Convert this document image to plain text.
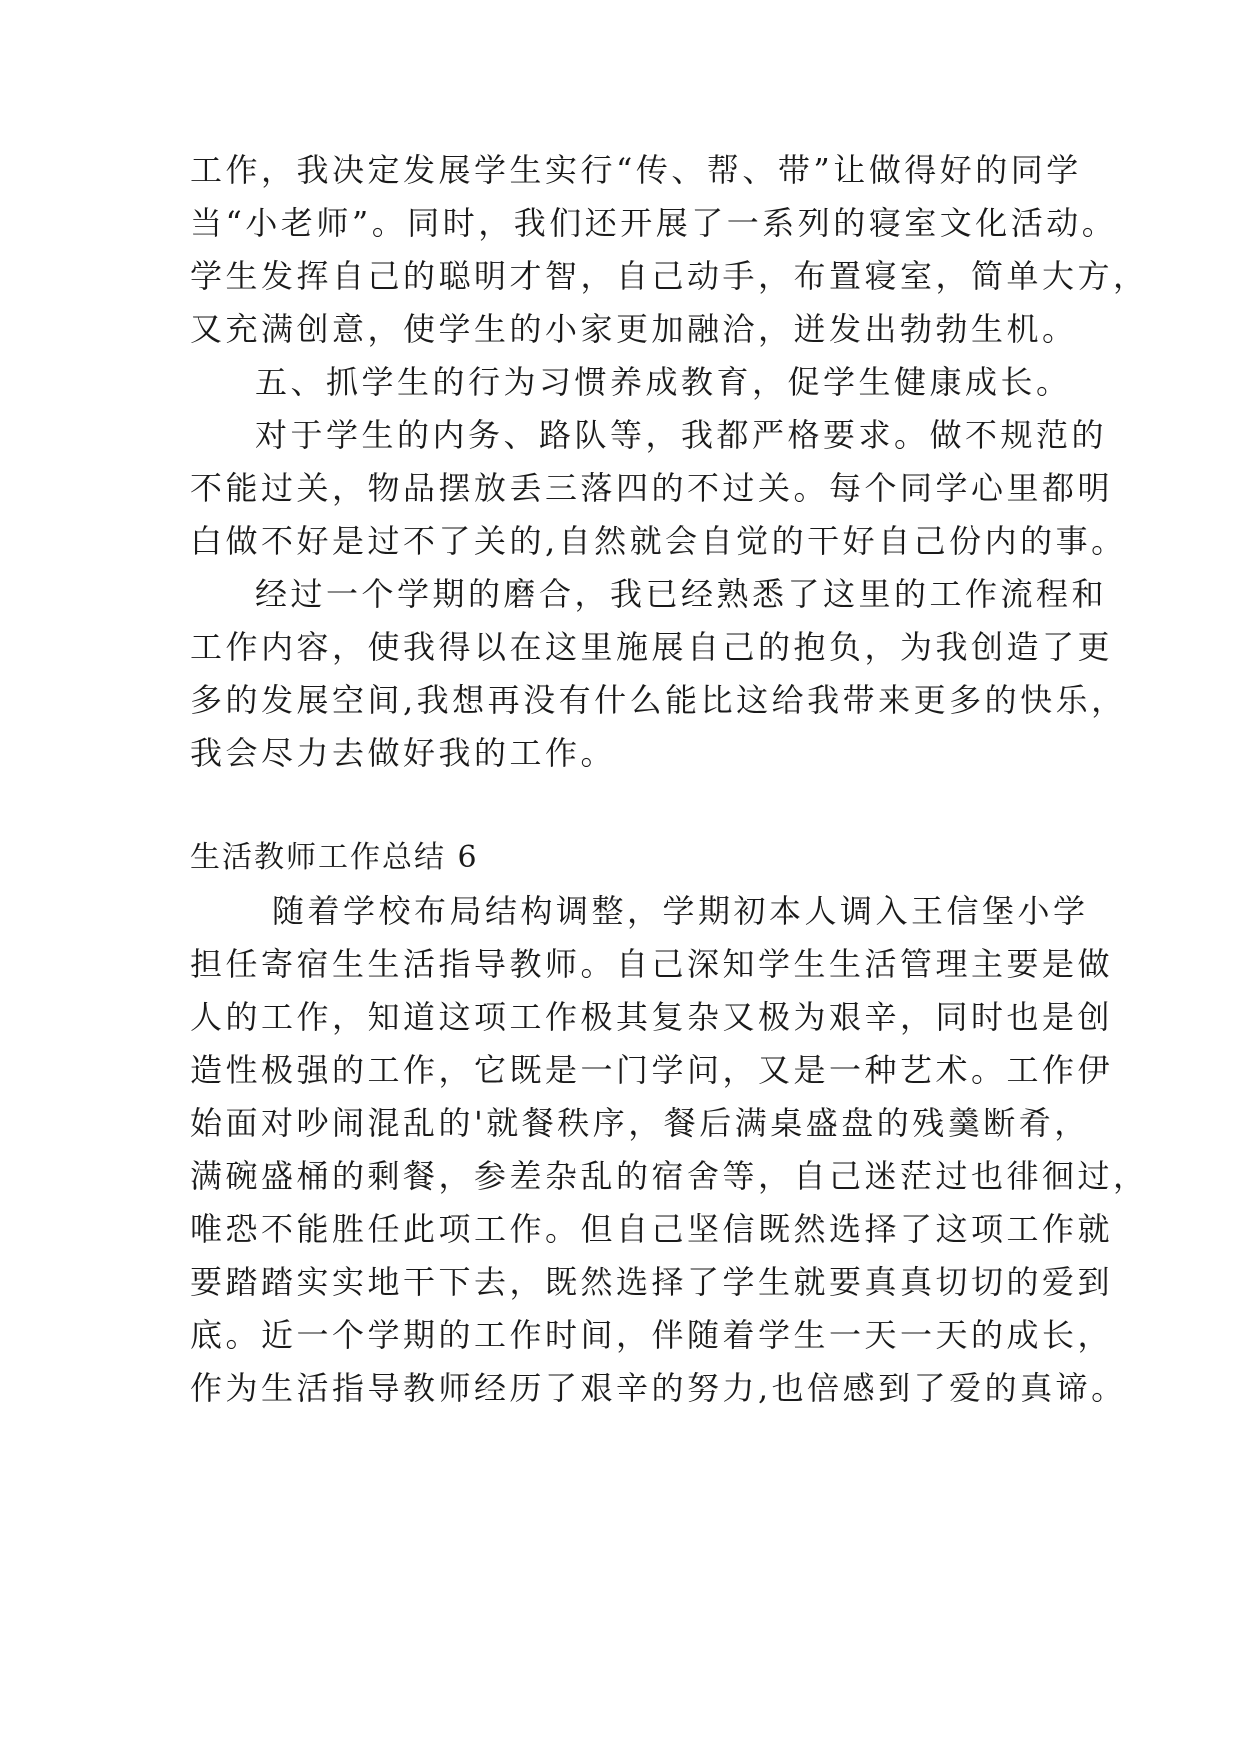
工作，我决定发展学生实行“传、帮、带”让做得好的同学
当“小老师”。同时，我们还开展了一系列的寝室文化活动。
学生发挥自己的聪明才智，自己动手，布置寝室，简单大方，
又充满创意，使学生的小家更加融洽，迸发出勃勃生机。
五、抓学生的行为习惯养成教育，促学生健康成长。
对于学生的内务、路队等，我都严格要求。做不规范的
不能过关，物品摆放丢三落四的不过关。每个同学心里都明
白做不好是过不了关的,自然就会自觉的干好自己份内的事。
经过一个学期的磨合，我已经熟悉了这里的工作流程和
工作内容，使我得以在这里施展自己的抱负，为我创造了更
多的发展空间,我想再没有什么能比这给我带来更多的快乐，
我会尽力去做好我的工作。
生活教师工作总结 6
随着学校布局结构调整，学期初本人调入王信堡小学
担任寄宿生生活指导教师。自己深知学生生活管理主要是做
人的工作，知道这项工作极其复杂又极为艰辛，同时也是创
造性极强的工作，它既是一门学问，又是一种艺术。工作伊
始面对吵闹混乱的'就餐秩序，餐后满桌盛盘的残羹断肴，
满碗盛桶的剩餐，参差杂乱的宿舍等，自己迷茫过也徘徊过，
唯恐不能胜任此项工作。但自己坚信既然选择了这项工作就
要踏踏实实地干下去，既然选择了学生就要真真切切的爱到
底。近一个学期的工作时间，伴随着学生一天一天的成长，
作为生活指导教师经历了艰辛的努力,也倍感到了爱的真谛。
